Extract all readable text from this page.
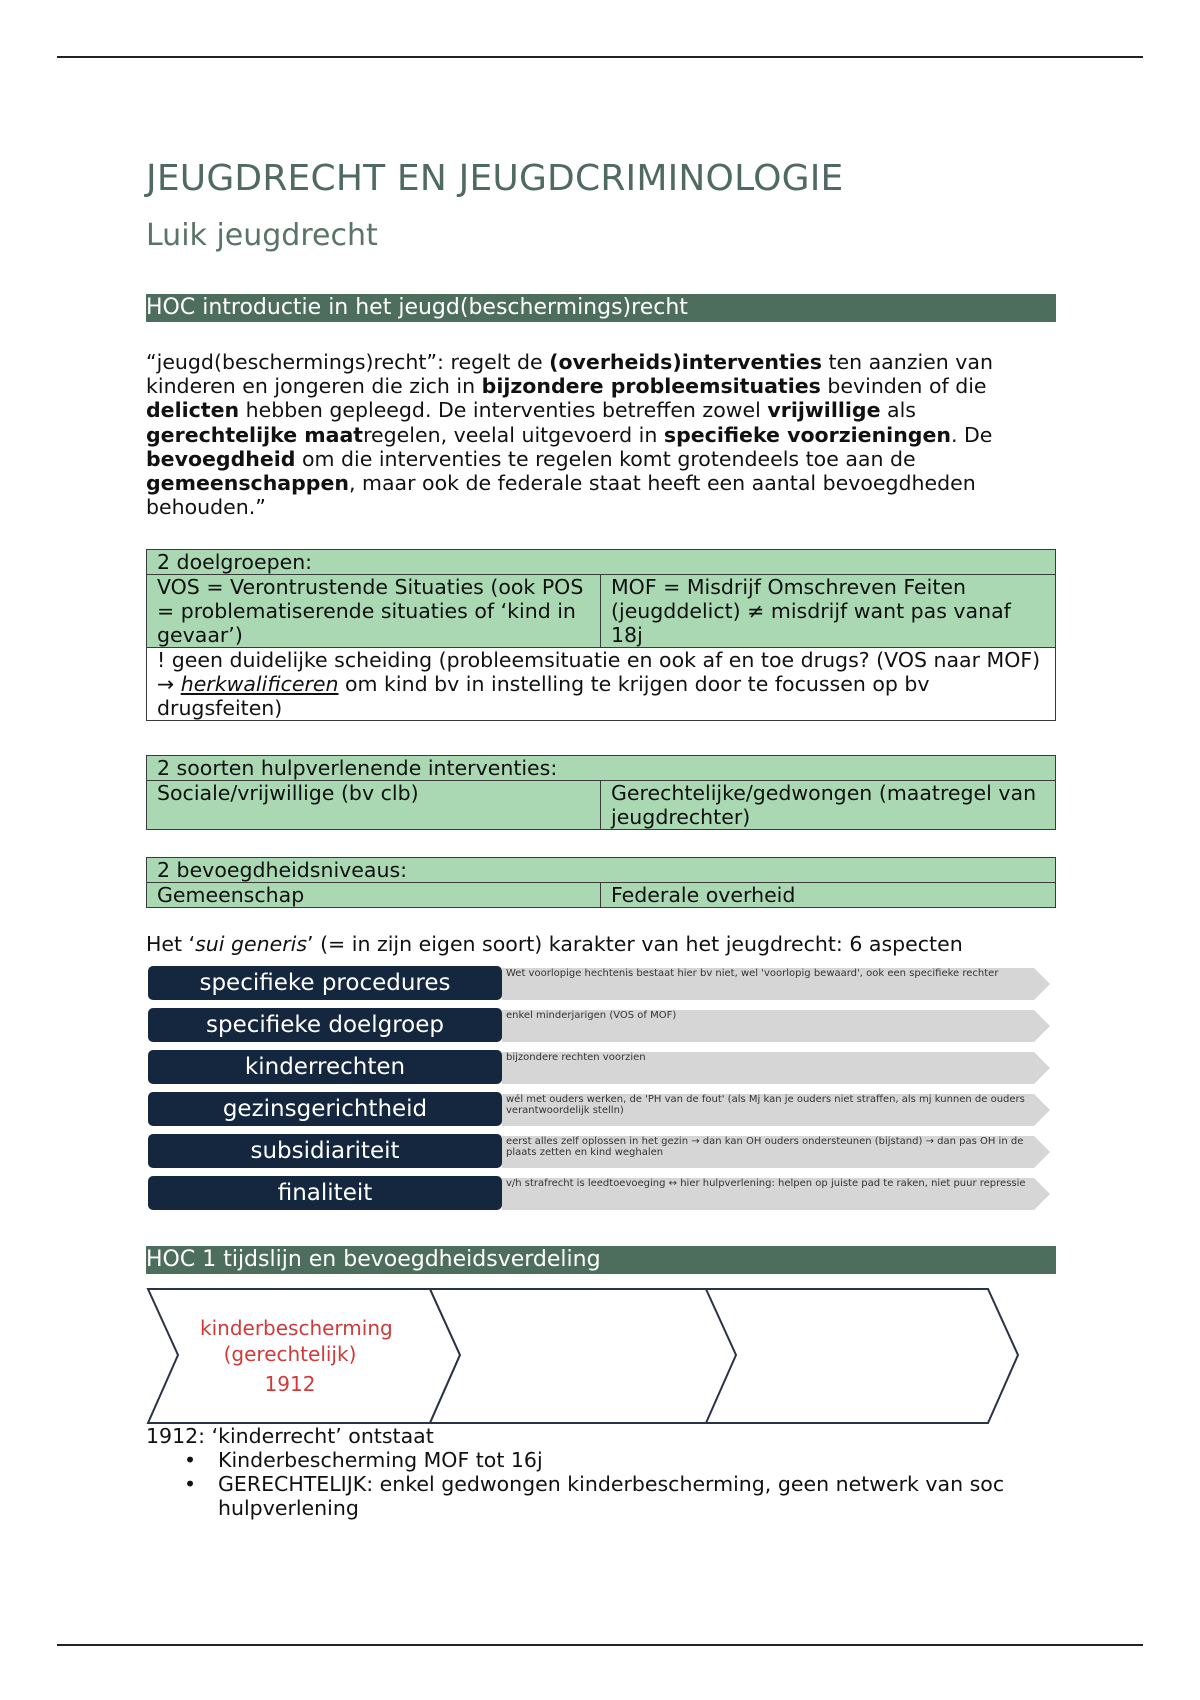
JEUGDRECHT EN JEUGDCRIMINOLOGIE
Luik jeugdrecht
HOC introductie in het jeugd(beschermings)recht
“jeugd(beschermings)recht”: regelt de (overheids)interventies ten aanzien van kinderen en jongeren die zich in bijzondere probleemsituaties bevinden of die delicten hebben gepleegd. De interventies betreffen zowel vrijwillige als gerechtelijke maatregelen, veelal uitgevoerd in specifieke voorzieningen. De bevoegdheid om die interventies te regelen komt grotendeels toe aan de gemeenschappen, maar ook de federale staat heeft een aantal bevoegdheden behouden.”
2 doelgroepen:
VOS = Verontrustende Situaties (ook POS = problematiserende situaties of ‘kind in gevaar’)	MOF = Misdrijf Omschreven Feiten (jeugddelict) ≠ misdrijf want pas vanaf 18j
! geen duidelijke scheiding (probleemsituatie en ook af en toe drugs? (VOS naar MOF) → herkwalificeren om kind bv in instelling te krijgen door te focussen op bv drugsfeiten)
2 soorten hulpverlenende interventies:
Sociale/vrijwillige (bv clb)	Gerechtelijke/gedwongen (maatregel van jeugdrechter)
2 bevoegdheidsniveaus:
Gemeenschap	Federale overheid
Het ‘sui generis’ (= in zijn eigen soort) karakter van het jeugdrecht: 6 aspecten
specifieke procedures	Wet voorlopige hechtenis bestaat hier bv niet, wel 'voorlopig bewaard', ook een specifieke rechter
specifieke doelgroep	enkel minderjarigen (VOS of MOF)
kinderrechten	bijzondere rechten voorzien
gezinsgerichtheid	wél met ouders werken, de 'PH van de fout' (als Mj kan je ouders niet straffen, als mj kunnen de ouders verantwoordelijk stelln)
subsidiariteit	eerst alles zelf oplossen in het gezin → dan kan OH ouders ondersteunen (bijstand) → dan pas OH in de plaats zetten en kind weghalen
finaliteit	v/h strafrecht is leedtoevoeging ↔ hier hulpverlening: helpen op juiste pad te raken, niet puur repressie
HOC 1 tijdslijn en bevoegdheidsverdeling
kinderbescherming (gerechtelijk)
1912
1912: ‘kinderrecht’ ontstaat
• Kinderbescherming MOF tot 16j
• GERECHTELIJK: enkel gedwongen kinderbescherming, geen netwerk van soc hulpverlening
